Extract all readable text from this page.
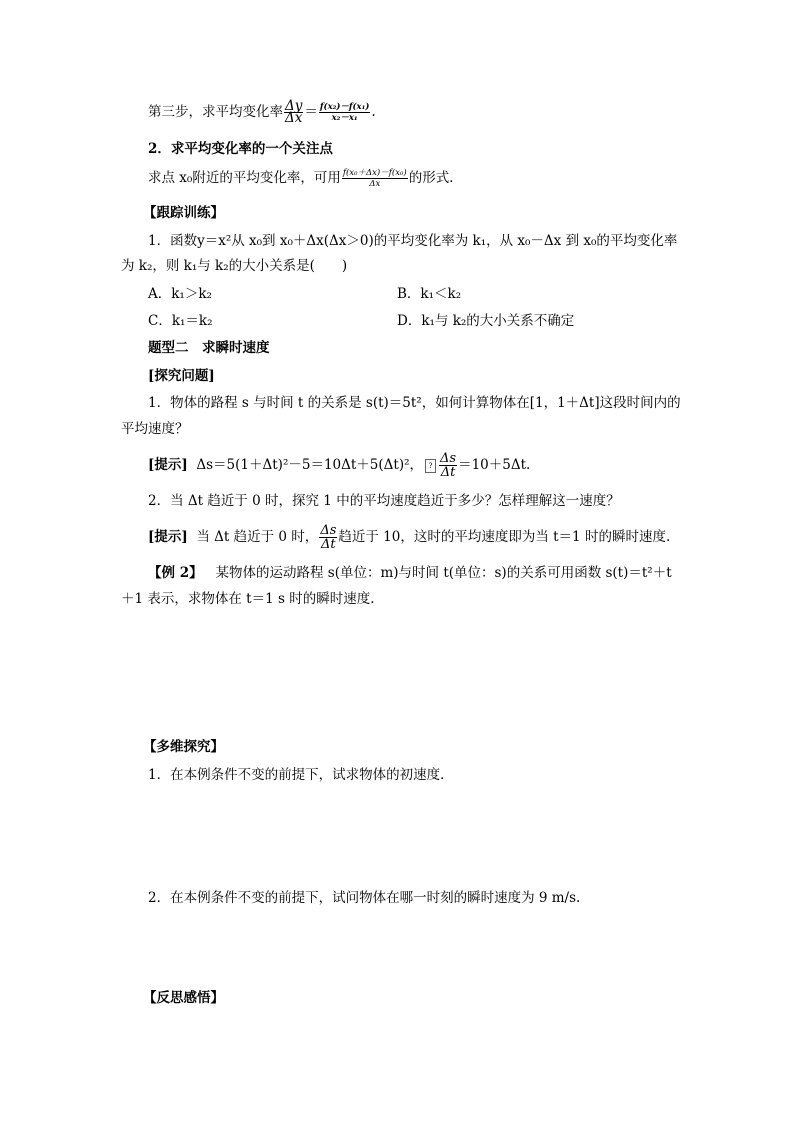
第三步，求平均变化率 $\frac{\Delta y}{\Delta x} = \frac{\text{f(x₂)－f(x₁)}}{\text{x₂－x₁}}$ .
2．求平均变化率的一个关注点
求点 x₀附近的平均变化率，可用 $\frac{\text{f(x₀＋Δx)－f(x₀)}}{\Delta x}$ 的形式．
【跟踪训练】
1．函数y＝x²从 x₀到 x₀＋Δx(Δx＞0)的平均变化率为 k₁，从 x₀－Δx 到 x₀的平均变化率
为 k₂，则 k₁与 k₂的大小关系是(　　)
A．k₁＞k₂	B．k₁＜k₂
C．k₁＝k₂	D．k₁与 k₂的大小关系不确定
题型二　求瞬时速度
[探究问题]
1．物体的路程 s 与时间 t 的关系是 s(t)＝5t²，如何计算物体在[1，1＋Δt]这段时间内的
平均速度？
[提示] Δs＝5(1＋Δt)²－5＝10Δt＋5(Δt)²， ? $\frac{\Delta s}{\Delta t} =10+5\Delta t$.
2．当 Δt 趋近于 0 时，探究 1 中的平均速度趋近于多少？怎样理解这一速度？
[提示] 当 Δt 趋近于 0 时， $\frac{\Delta s}{\Delta t}$ 趋近于 10，这时的平均速度即为当 t＝1 时的瞬时速度.
【例 2】 某物体的运动路程 s(单位：m)与时间 t(单位：s)的关系可用函数 s(t)＝t²＋t
＋1 表示，求物体在 t＝1 s 时的瞬时速度.
【多维探究】
1．在本例条件不变的前提下，试求物体的初速度．
2．在本例条件不变的前提下，试问物体在哪一时刻的瞬时速度为 9 m/s.
【反思感悟】
